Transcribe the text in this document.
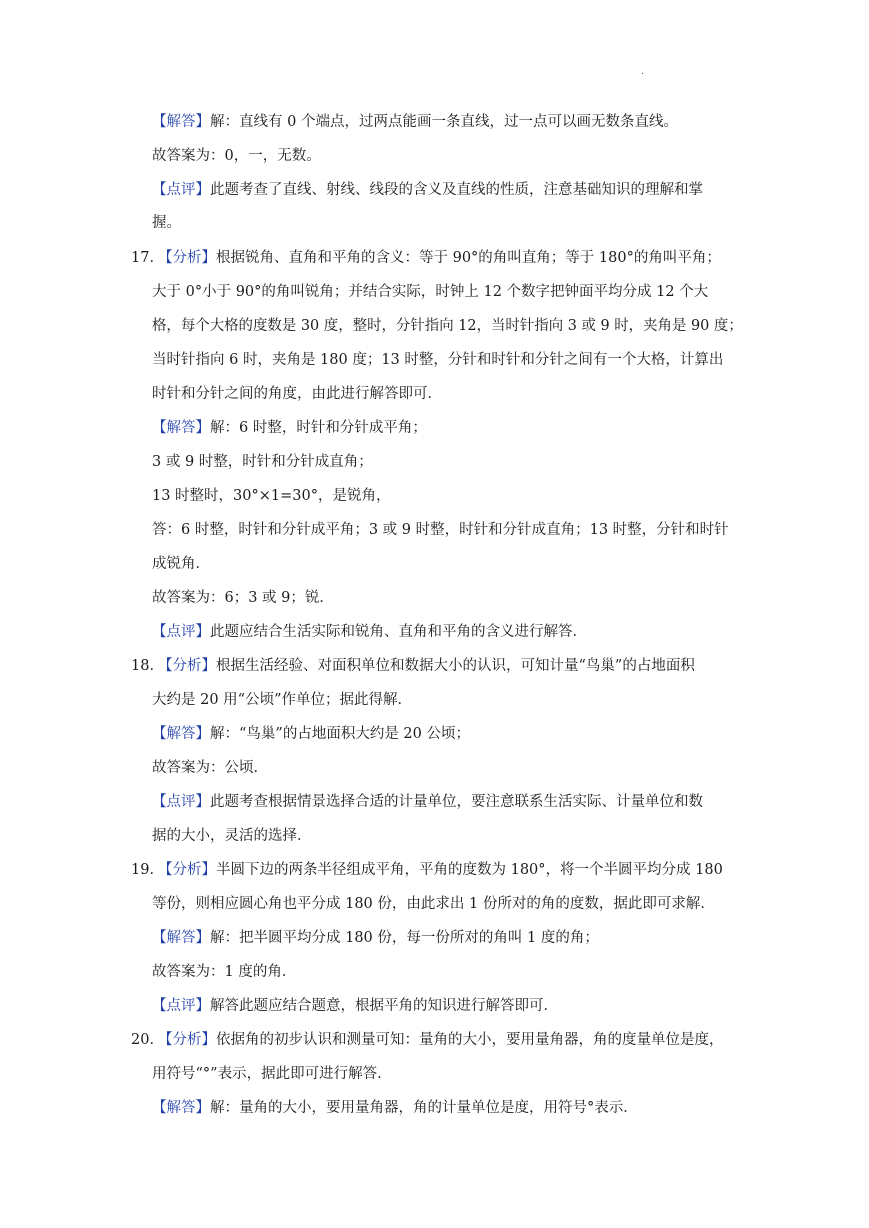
.
【解答】解：直线有 0 个端点，过两点能画一条直线，过一点可以画无数条直线。
故答案为：0，一，无数。
【点评】此题考查了直线、射线、线段的含义及直线的性质，注意基础知识的理解和掌
握。
17．
【分析】根据锐角、直角和平角的含义：等于 90°的角叫直角；等于 180°的角叫平角；
大于 0°小于 90°的角叫锐角；并结合实际，时钟上 12 个数字把钟面平均分成 12 个大
格，每个大格的度数是 30 度，整时，分针指向 12，当时针指向 3 或 9 时，夹角是 90 度；
当时针指向 6 时，夹角是 180 度；13 时整，分针和时针和分针之间有一个大格，计算出
时针和分针之间的角度，由此进行解答即可．
【解答】解：6 时整，时针和分针成平角；
3 或 9 时整，时针和分针成直角；
13 时整时，30°×1=30°，是锐角，
答：6 时整，时针和分针成平角；3 或 9 时整，时针和分针成直角；13 时整，分针和时针
成锐角．
故答案为：6；3 或 9；锐．
【点评】此题应结合生活实际和锐角、直角和平角的含义进行解答．
18．
【分析】根据生活经验、对面积单位和数据大小的认识，可知计量“鸟巢”的占地面积
大约是 20 用“公顷”作单位；据此得解．
【解答】解：“鸟巢”的占地面积大约是 20 公顷；
故答案为：公顷．
【点评】此题考查根据情景选择合适的计量单位，要注意联系生活实际、计量单位和数
据的大小，灵活的选择．
19．
【分析】半圆下边的两条半径组成平角，平角的度数为 180°，将一个半圆平均分成 180
等份，则相应圆心角也平分成 180 份，由此求出 1 份所对的角的度数，据此即可求解．
【解答】解：把半圆平均分成 180 份，每一份所对的角叫 1 度的角；
故答案为：1 度的角．
【点评】解答此题应结合题意，根据平角的知识进行解答即可．
20．
【分析】依据角的初步认识和测量可知：量角的大小，要用量角器，角的度量单位是度，
用符号“°”表示，据此即可进行解答．
【解答】解：量角的大小，要用量角器，角的计量单位是度，用符号°表示．
